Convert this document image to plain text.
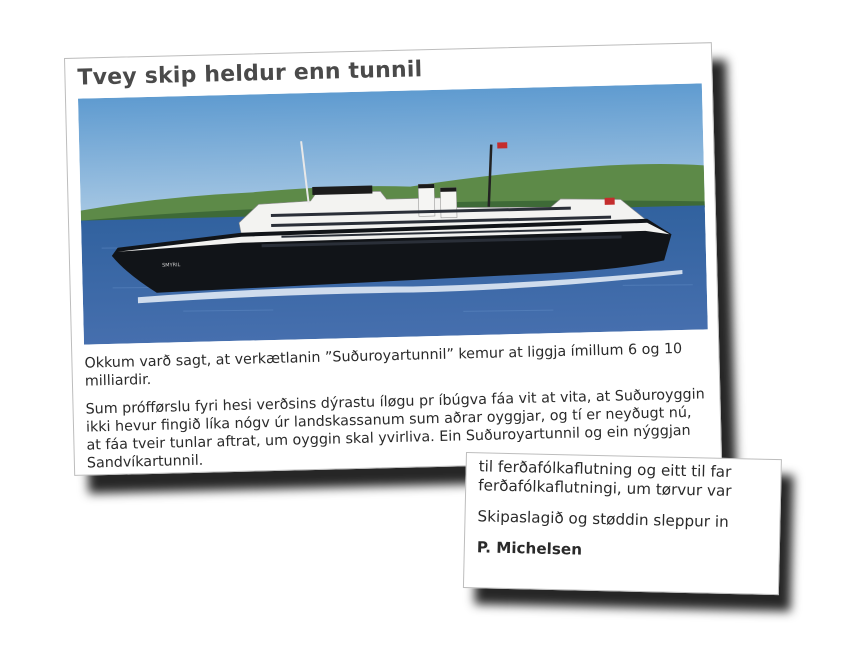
Tvey skip heldur enn tunnil
SMYRIL

Okkum varð sagt, at verkætlanin ”Suðuroyartunnil” kemur at liggja ímillum 6 og 10 milliardir.

Sum prófførslu fyri hesi verðsins dýrastu íløgu pr íbúgva fáa vit at vita, at Suðuroyggin ikki hevur fingið líka nógv úr landskassanum sum aðrar oyggjar, og tí er neyðugt nú, at fáa tveir tunlar aftrat, um oyggin skal yvirliva. Ein Suðuroyartunnil og ein nýggjan Sandvíkartunnil.	til ferðafólkaflutning og eitt til far

ferðafólkaflutningi, um tørvur var

Skipaslagið og støddin sleppur in

P. Michelsen
